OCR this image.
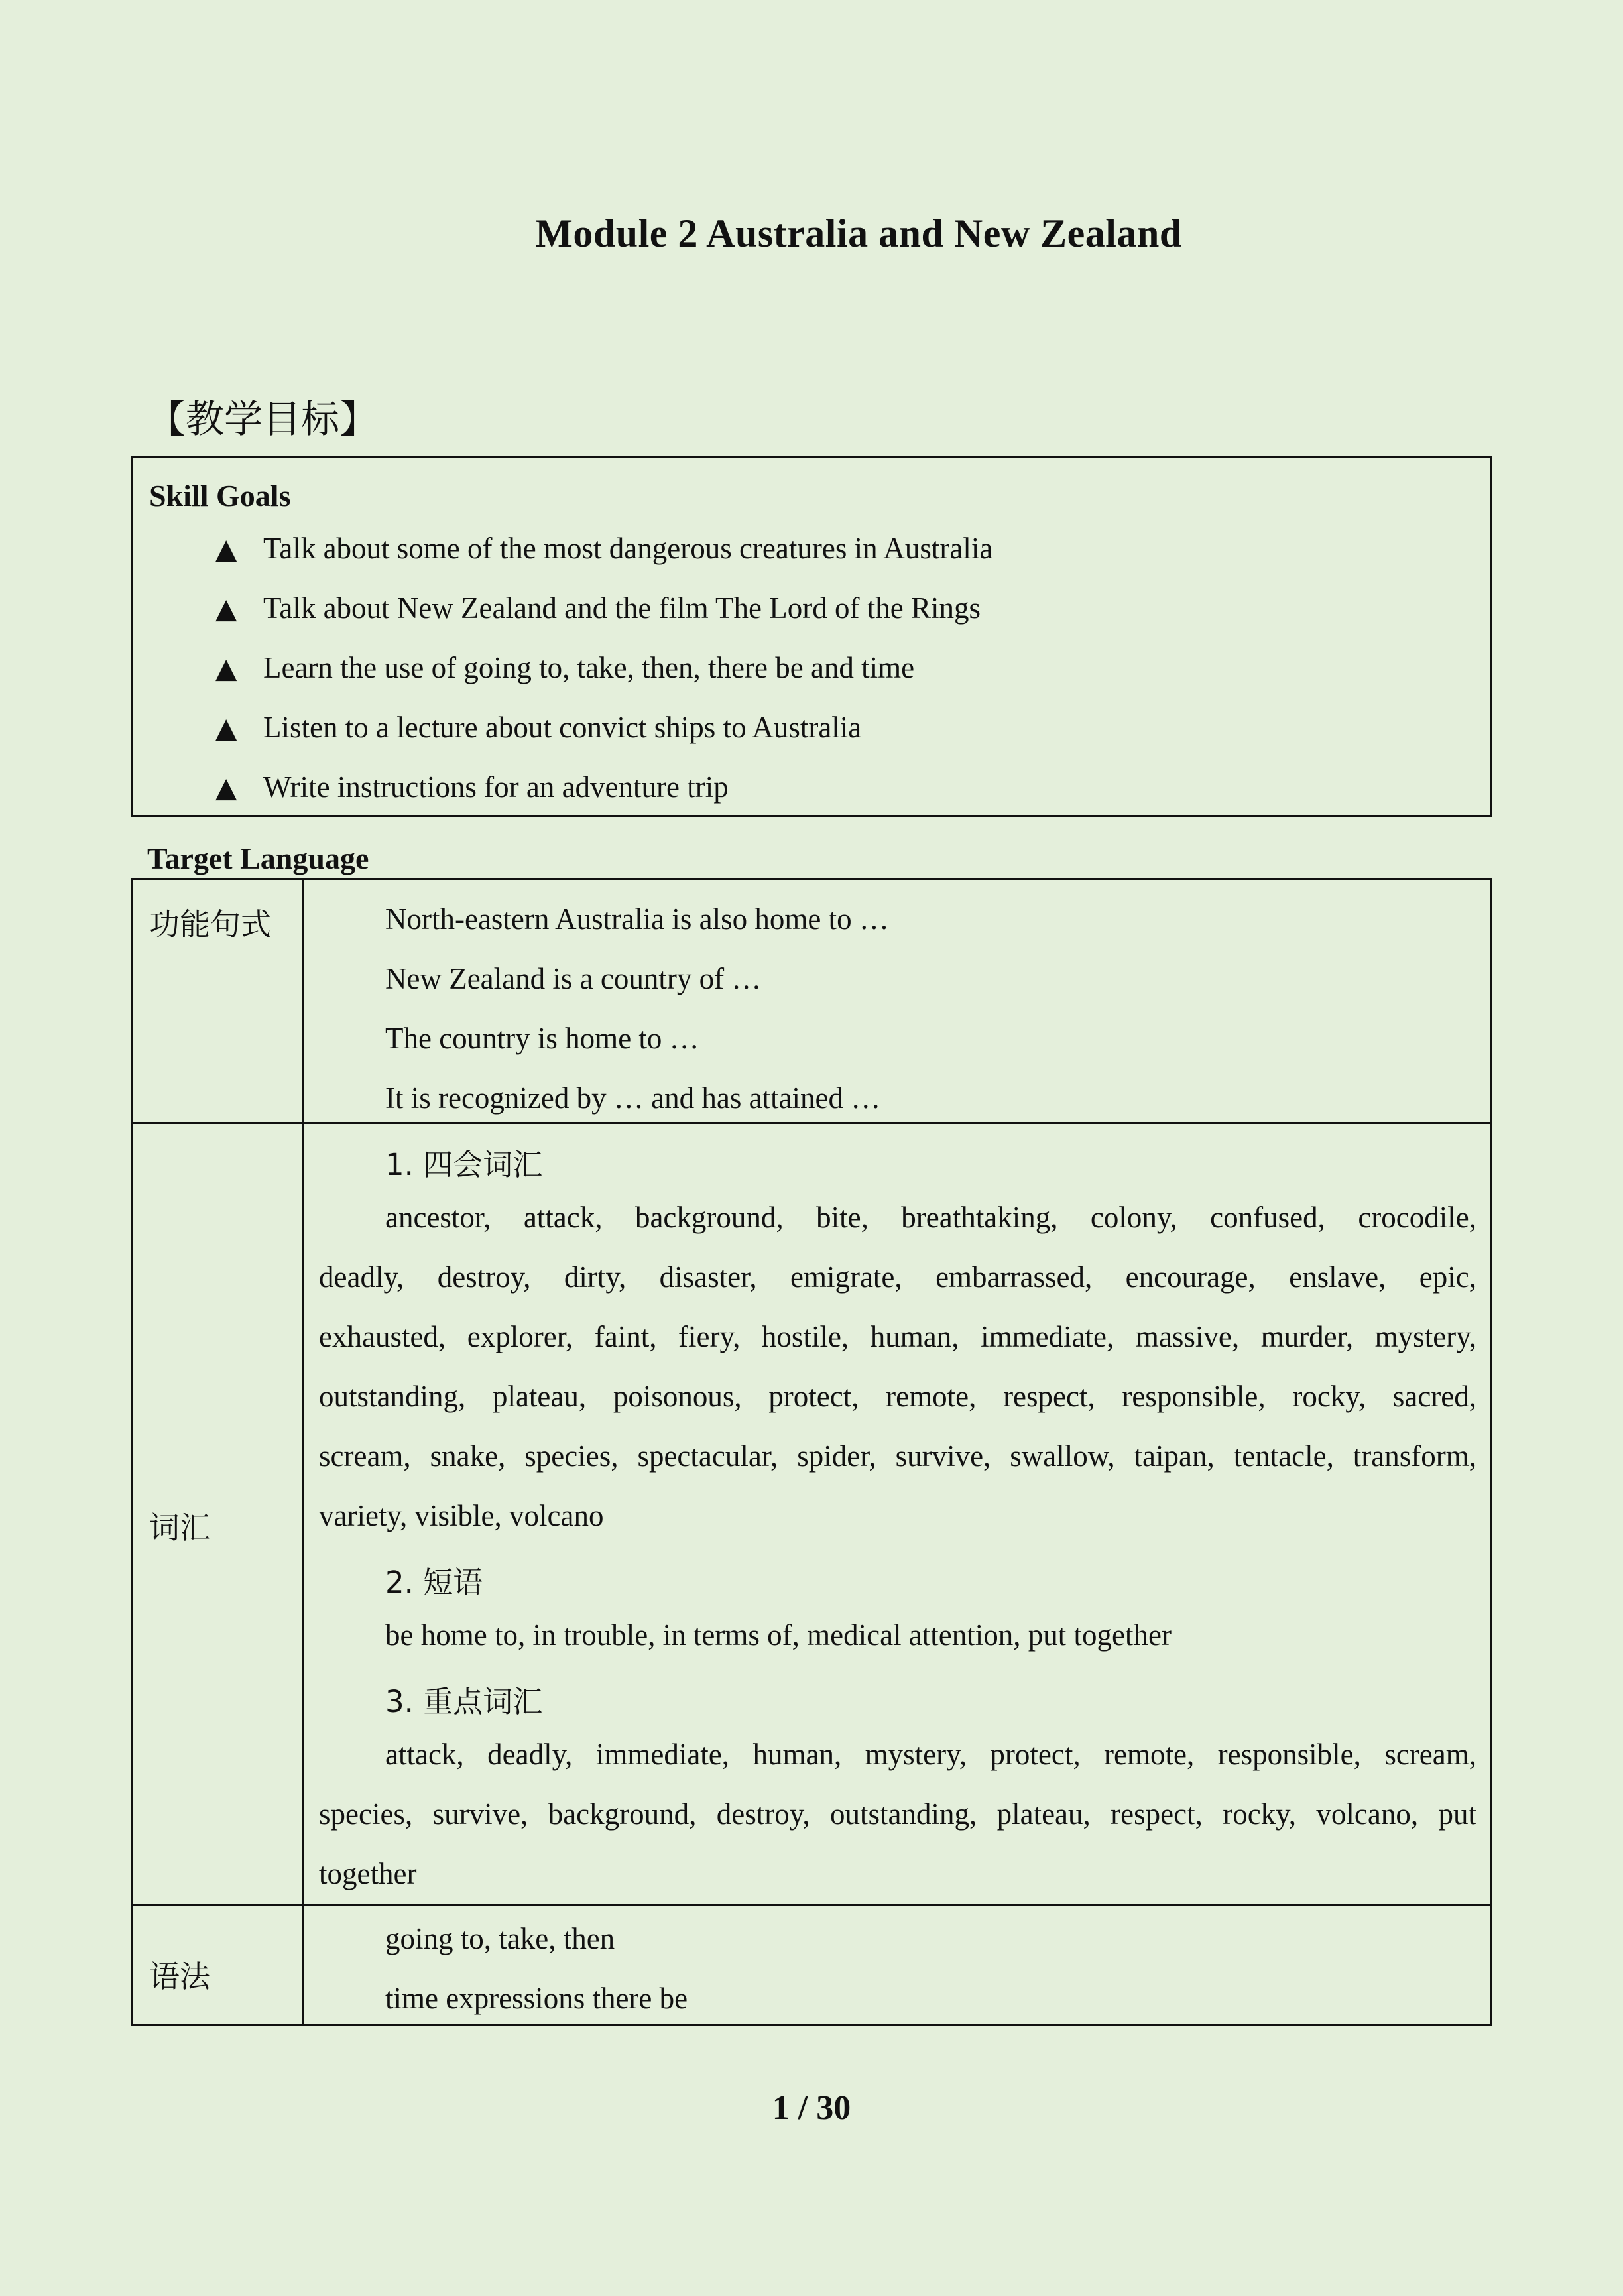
Module 2 Australia and New Zealand
【教学目标】
Skill Goals
▲ Talk about some of the most dangerous creatures in Australia
▲ Talk about New Zealand and the film The Lord of the Rings
▲ Learn the use of going to, take, then, there be and time
▲ Listen to a lecture about convict ships to Australia
▲ Write instructions for an adventure trip
Target Language
功能句式	North-eastern Australia is also home to …
New Zealand is a country of …
The country is home to …
It is recognized by … and has attained …
词汇
1. 四会词汇
ancestor, attack, background, bite, breathtaking, colony, confused, crocodile,
deadly, destroy, dirty, disaster, emigrate, embarrassed, encourage, enslave, epic,
exhausted, explorer, faint, fiery, hostile, human, immediate, massive, murder, mystery,
outstanding, plateau, poisonous, protect, remote, respect, responsible, rocky, sacred,
scream, snake, species, spectacular, spider, survive, swallow, taipan, tentacle, transform,
variety, visible, volcano
2. 短语
be home to, in trouble, in terms of, medical attention, put together
3. 重点词汇
attack, deadly, immediate, human, mystery, protect, remote, responsible, scream,
species, survive, background, destroy, outstanding, plateau, respect, rocky, volcano, put
together
语法
going to, take, then
time expressions there be
1 / 30
